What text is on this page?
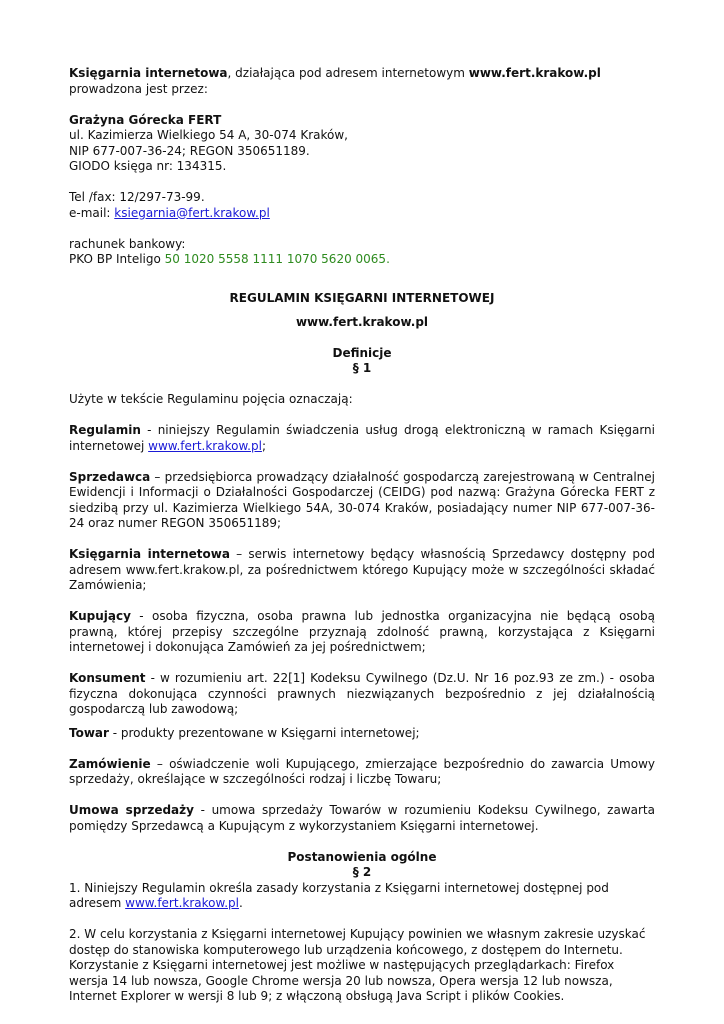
Księgarnia internetowa, działająca pod adresem internetowym www.fert.krakow.pl prowadzona jest przez:

Grażyna Górecka FERT

ul. Kazimierza Wielkiego 54 A, 30-074 Kraków,

NIP 677-007-36-24; REGON 350651189.

GIODO księga nr: 134315.

Tel /fax: 12/297-73-99.

e-mail: ksiegarnia@fert.krakow.pl

rachunek bankowy:

PKO BP Inteligo 50 1020 5558 1111 1070 5620 0065.

REGULAMIN KSIĘGARNI INTERNETOWEJ

www.fert.krakow.pl

Definicje

§ 1

Użyte w tekście Regulaminu pojęcia oznaczają:

Regulamin - niniejszy Regulamin świadczenia usług drogą elektroniczną w ramach Księgarni internetowej www.fert.krakow.pl;

Sprzedawca – przedsiębiorca prowadzący działalność gospodarczą zarejestrowaną w Centralnej Ewidencji i Informacji o Działalności Gospodarczej (CEIDG) pod nazwą: Grażyna Górecka FERT z siedzibą przy ul. Kazimierza Wielkiego 54A, 30-074 Kraków, posiadający numer NIP 677-007-36-24 oraz numer REGON 350651189;

Księgarnia internetowa – serwis internetowy będący własnością Sprzedawcy dostępny pod adresem www.fert.krakow.pl, za pośrednictwem którego Kupujący może w szczególności składać Zamówienia;

Kupujący - osoba fizyczna, osoba prawna lub jednostka organizacyjna nie będącą osobą prawną, której przepisy szczególne przyznają zdolność prawną, korzystająca z Księgarni internetowej i dokonująca Zamówień za jej pośrednictwem;

Konsument - w rozumieniu art. 22[1] Kodeksu Cywilnego (Dz.U. Nr 16 poz.93 ze zm.) - osoba fizyczna dokonująca czynności prawnych niezwiązanych bezpośrednio z jej działalnością gospodarczą lub zawodową;

Towar - produkty prezentowane w Księgarni internetowej;

Zamówienie – oświadczenie woli Kupującego, zmierzające bezpośrednio do zawarcia Umowy sprzedaży, określające w szczególności rodzaj i liczbę Towaru;

Umowa sprzedaży - umowa sprzedaży Towarów w rozumieniu Kodeksu Cywilnego, zawarta pomiędzy Sprzedawcą a Kupującym z wykorzystaniem Księgarni internetowej.

Postanowienia ogólne

§ 2

1. Niniejszy Regulamin określa zasady korzystania z Księgarni internetowej dostępnej pod adresem www.fert.krakow.pl.

2. W celu korzystania z Księgarni internetowej Kupujący powinien we własnym zakresie uzyskać dostęp do stanowiska komputerowego lub urządzenia końcowego, z dostępem do Internetu. Korzystanie z Księgarni internetowej jest możliwe w następujących przeglądarkach: Firefox wersja 14 lub nowsza, Google Chrome wersja 20 lub nowsza, Opera wersja 12 lub nowsza, Internet Explorer w wersji 8 lub 9; z włączoną obsługą Java Script i plików Cookies.
